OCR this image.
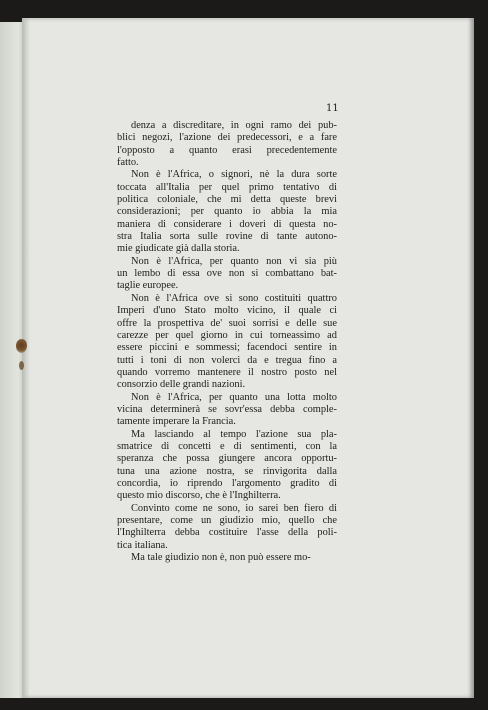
11

denza a discreditare, in ogni ramo dei pub-
blici negozi, l'azione dei predecessori, e a fare
l'opposto a quanto erasi precedentemente
fatto.

Non è l'Africa, o signori, nè la dura sorte
toccata all'Italia per quel primo tentativo di
politica coloniale, che mi detta queste brevi
considerazioni; per quanto io abbia la mia
maniera di considerare i doveri di questa no-
stra Italia sorta sulle rovine di tante autono-
mie giudicate già dalla storia.

Non è l'Africa, per quanto non vi sia più
un lembo di essa ove non si combattano bat-
taglie europee.

Non è l'Africa ove si sono costituiti quattro
Imperi d'uno Stato molto vicino, il quale ci
offre la prospettiva de' suoi sorrisi e delle sue
carezze per quel giorno in cui torneassimo ad
essere piccini e sommessi; facendoci sentire in
tutti i toni di non volerci da e tregua fino a
quando vorremo mantenere il nostro posto nel
consorzio delle grandi nazioni.

Non è l'Africa, per quanto una lotta molto
vicina determinerà se sovr'essa debba comple-
tamente imperare la Francia.

Ma lasciando al tempo l'azione sua pla-
smatrice di concetti e di sentimenti, con la
speranza che possa giungere ancora opportu-
tuna una azione nostra, se rinvigorita dalla
concordia, io riprendo l'argomento gradito di
questo mio discorso, che è l'Inghilterra.

Convinto come ne sono, io sarei ben fiero di
presentare, come un giudizio mio, quello che
l'Inghilterra debba costituire l'asse della poli-
tica italiana.

Ma tale giudizio non è, non può essere mo-
